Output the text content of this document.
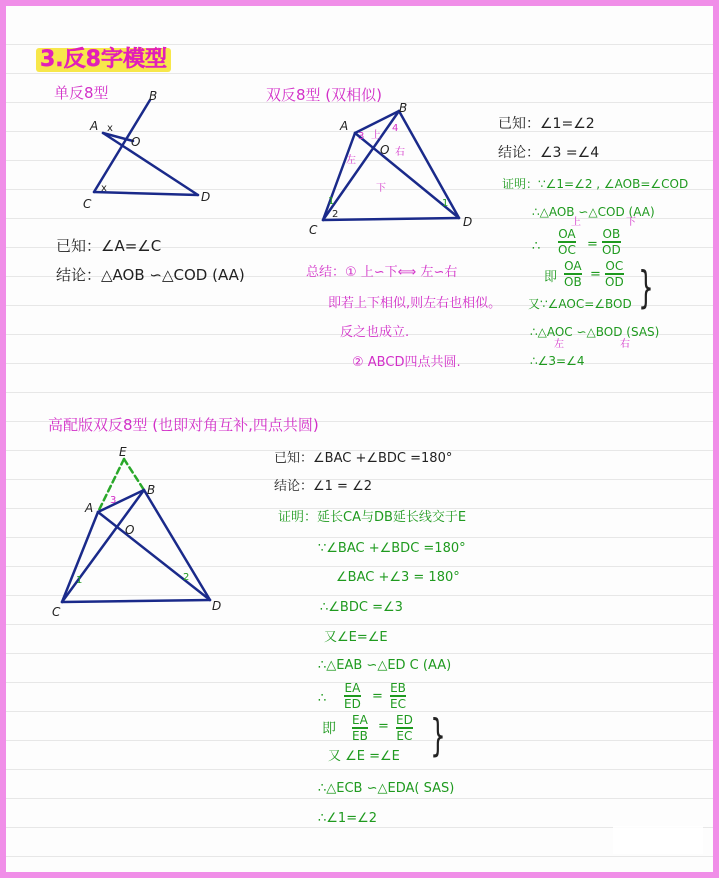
3.反8字模型
单反8型
A
B
C	D
O
x
x
已知：∠A=∠C
结论：△AOB ∽△COD (AA)
双反8型 (双相似)
A
B
C
D
O
上
左
右
下
3
4
1
2
1
已知：∠1=∠2
结论：∠3 =∠4
证明：∵∠1=∠2 , ∠AOB=∠COD
∴△AOB ∽△COD (AA)
上	下
∴
OA
OC =
OB
OD
即
OA
OB =
OC
OD }
又∵∠AOC=∠BOD
∴△AOC ∽△BOD (SAS)
左	右
∴∠3=∠4
总结：① 上∽下⟺ 左∽右
即若上下相似,则左右也相似。
反之也成立.
② ABCD四点共圆.
高配版双反8型 (也即对角互补,四点共圆)
E
A
B
C	D
O
3
1	2
已知：∠BAC +∠BDC =180°
结论：∠1 = ∠2
证明：延长CA与DB延长线交于E
∵∠BAC +∠BDC =180°
∠BAC +∠3 = 180°
∴∠BDC =∠3
又∠E=∠E
∴△EAB ∽△ED C (AA)
∴
EA
ED =
EB
EC
即
EA
EB
= ED
EC
又 ∠E =∠E }
∴△ECB ∽△EDA( SAS)
∴∠1=∠2
